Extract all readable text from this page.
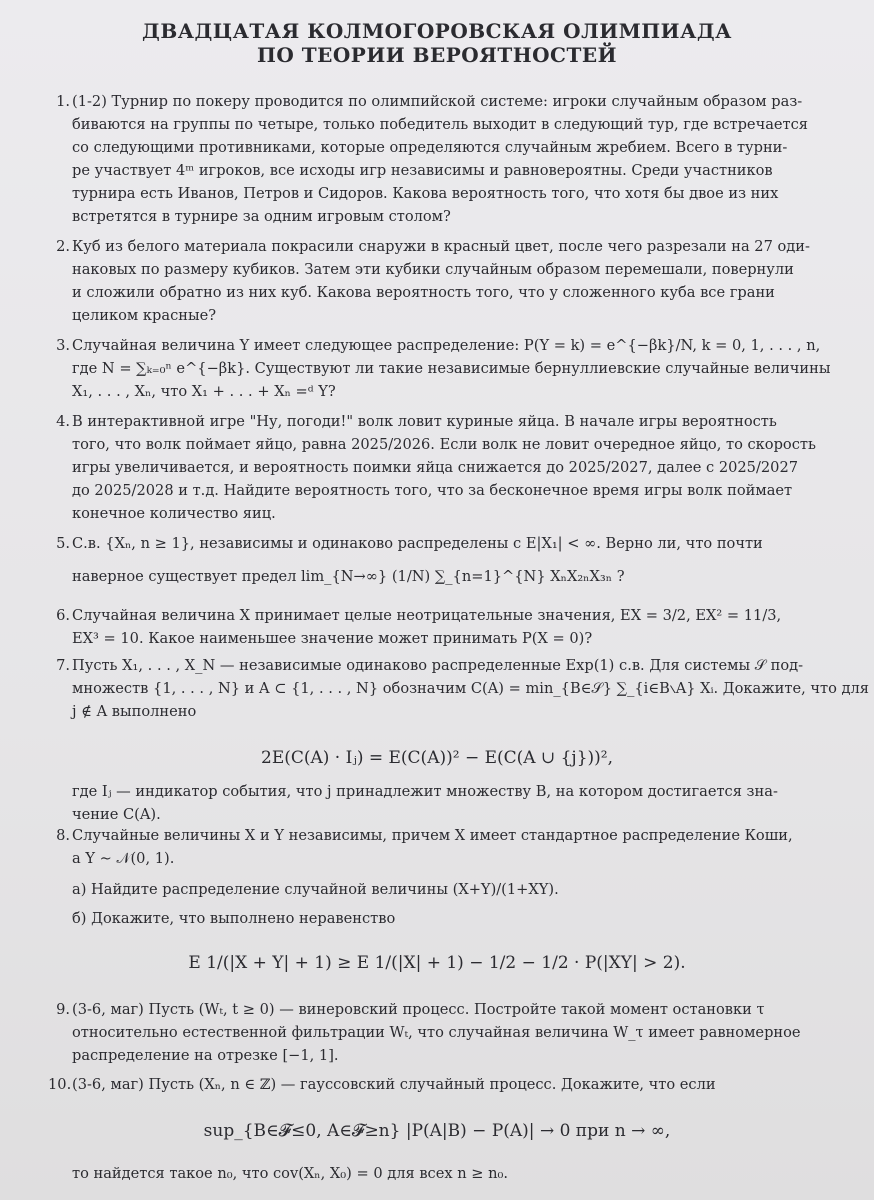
ДВАДЦАТАЯ КОЛМОГОРОВСКАЯ ОЛИМПИАДА
ПО ТЕОРИИ ВЕРОЯТНОСТЕЙ
1. (1-2) Турнир по покеру проводится по олимпийской системе: игроки случайным образом раз-
биваются на группы по четыре, только победитель выходит в следующий тур, где встречается
со следующими противниками, которые определяются случайным жребием. Всего в турни-
ре участвует 4ᵐ игроков, все исходы игр независимы и равновероятны. Среди участников
турнира есть Иванов, Петров и Сидоров. Какова вероятность того, что хотя бы двое из них
встретятся в турнире за одним игровым столом?
2. Куб из белого материала покрасили снаружи в красный цвет, после чего разрезали на 27 оди-
наковых по размеру кубиков. Затем эти кубики случайным образом перемешали, повернули
и сложили обратно из них куб. Какова вероятность того, что у сложенного куба все грани
целиком красные?
3. Случайная величина Y имеет следующее распределение: P(Y = k) = e^{−βk}/N, k = 0, 1, . . . , n,
где N = ∑ₖ₌₀ⁿ e^{−βk}. Существуют ли такие независимые бернуллиевские случайные величины
X₁, . . . , Xₙ, что X₁ + . . . + Xₙ =ᵈ Y?
4. В интерактивной игре "Ну, погоди!" волк ловит куриные яйца. В начале игры вероятность
того, что волк поймает яйцо, равна 2025/2026. Если волк не ловит очередное яйцо, то скорость
игры увеличивается, и вероятность поимки яйца снижается до 2025/2027, далее с 2025/2027
до 2025/2028 и т.д. Найдите вероятность того, что за бесконечное время игры волк поймает
конечное количество яиц.
5. С.в. {Xₙ, n ≥ 1}, независимы и одинаково распределены с E|X₁| < ∞. Верно ли, что почти
наверное существует предел lim_{N→∞} (1/N) ∑_{n=1}^{N} XₙX₂ₙX₃ₙ ?
6. Случайная величина X принимает целые неотрицательные значения, EX = 3/2, EX² = 11/3,
EX³ = 10. Какое наименьшее значение может принимать P(X = 0)?
7. Пусть X₁, . . . , X_N — независимые одинаково распределенные Exp(1) с.в. Для системы 𝒮 под-
множеств {1, . . . , N} и A ⊂ {1, . . . , N} обозначим C(A) = min_{B∈𝒮} ∑_{i∈B∖A} Xᵢ. Докажите, что для
j ∉ A выполнено
2E(C(A) · Iⱼ) = E(C(A))² − E(C(A ∪ {j}))²,
где Iⱼ — индикатор события, что j принадлежит множеству B, на котором достигается зна-
чение C(A).
8. Случайные величины X и Y независимы, причем X имеет стандартное распределение Коши,
а Y ∼ 𝒩(0, 1).
а) Найдите распределение случайной величины (X+Y)/(1+XY).
б) Докажите, что выполнено неравенство
E 1/(|X + Y| + 1) ≥ E 1/(|X| + 1) − 1/2 − 1/2 · P(|XY| > 2).
9. (3-6, маг) Пусть (Wₜ, t ≥ 0) — винеровский процесс. Постройте такой момент остановки τ
относительно естественной фильтрации Wₜ, что случайная величина W_τ имеет равномерное
распределение на отрезке [−1, 1].
10. (3-6, маг) Пусть (Xₙ, n ∈ ℤ) — гауссовский случайный процесс. Докажите, что если
sup_{B∈𝓕≤0, A∈𝓕≥n} |P(A|B) − P(A)| → 0 при n → ∞,
то найдется такое n₀, что cov(Xₙ, X₀) = 0 для всех n ≥ n₀.
